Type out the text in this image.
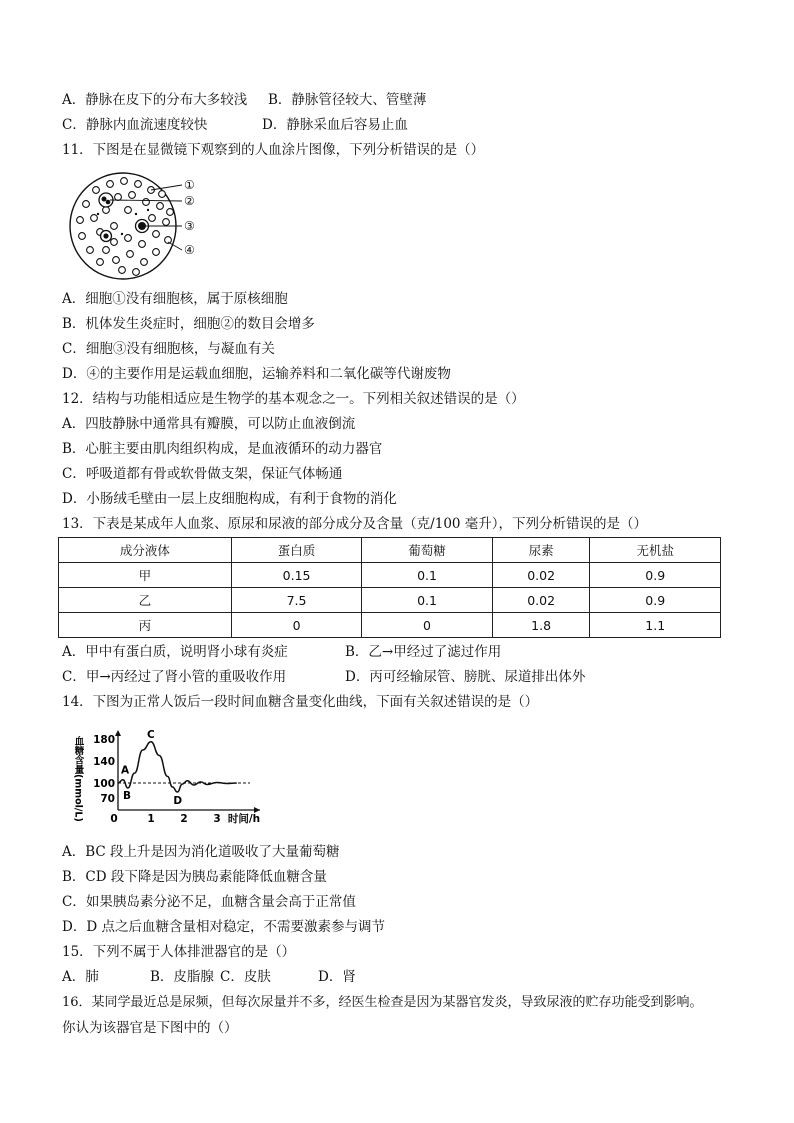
A．静脉在皮下的分布大多较浅 B．静脉管径较大、管壁薄
C．静脉内血流速度较快	D．静脉采血后容易止血
11．下图是在显微镜下观察到的人血涂片图像，下列分析错误的是（）
①
②
③
④
A．细胞①没有细胞核，属于原核细胞
B．机体发生炎症时，细胞②的数目会增多
C．细胞③没有细胞核，与凝血有关
D．④的主要作用是运载血细胞，运输养料和二氧化碳等代谢废物
12．结构与功能相适应是生物学的基本观念之一。下列相关叙述错误的是（）
A．四肢静脉中通常具有瓣膜，可以防止血液倒流
B．心脏主要由肌肉组织构成，是血液循环的动力器官
C．呼吸道都有骨或软骨做支架，保证气体畅通
D．小肠绒毛壁由一层上皮细胞构成，有利于食物的消化
13．下表是某成年人血浆、原尿和尿液的部分成分及含量（克/100 毫升），下列分析错误的是（）
成分液体	蛋白质	葡萄糖	尿素	无机盐
甲	0.15	0.1	0.02	0.9
乙	7.5	0.1	0.02	0.9
丙	0	0	1.8	1.1
A．甲中有蛋白质，说明肾小球有炎症	B．乙→甲经过了滤过作用
C．甲→丙经过了肾小管的重吸收作用	D．丙可经输尿管、膀胱、尿道排出体外
14．下图为正常人饭后一段时间血糖含量变化曲线，下面有关叙述错误的是（）
180
140
100
70
0	1 2 3 时间/h
血糖含量(mmol/L)	A
B
C
D
A．BC 段上升是因为消化道吸收了大量葡萄糖
B．CD 段下降是因为胰岛素能降低血糖含量
C．如果胰岛素分泌不足，血糖含量会高于正常值
D．D 点之后血糖含量相对稳定，不需要激素参与调节
15．下列不属于人体排泄器官的是（）
A．肺	B．皮脂腺 C．皮肤	D．肾
16．某同学最近总是尿频，但每次尿量并不多，经医生检查是因为某器官发炎，导致尿液的贮存功能受到影响。
你认为该器官是下图中的（）
